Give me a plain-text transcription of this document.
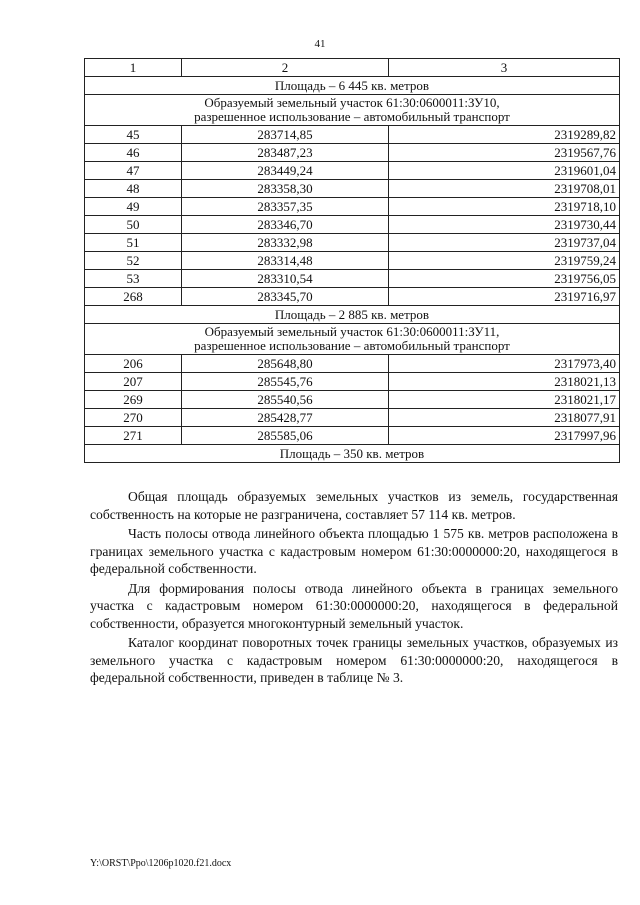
41
1	2	3
Площадь – 6 445 кв. метров		

Образуемый земельный участок 61:30:0600011:ЗУ10,
разрешенное использование – автомобильный транспорт		

45	283714,85	2319289,82
46	283487,23	2319567,76
47	283449,24	2319601,04
48	283358,30	2319708,01
49	283357,35	2319718,10
50	283346,70	2319730,44
51	283332,98	2319737,04
52	283314,48	2319759,24
53	283310,54	2319756,05
268	283345,70	2319716,97
Площадь – 2 885 кв. метров		

Образуемый земельный участок 61:30:0600011:ЗУ11,
разрешенное использование – автомобильный транспорт		

206	285648,80	2317973,40
207	285545,76	2318021,13
269	285540,56	2318021,17
270	285428,77	2318077,91
271	285585,06	2317997,96
Площадь – 350 кв. метров		

Общая площадь образуемых земельных участков из земель, государственная собственность на которые не разграничена, составляет 57 114 кв. метров.

Часть полосы отвода линейного объекта площадью 1 575 кв. метров расположена в границах земельного участка с кадастровым номером 61:30:0000000:20, находящегося в федеральной собственности.

Для формирования полосы отвода линейного объекта в границах земельного участка с кадастровым номером 61:30:0000000:20, находящегося в федеральной собственности, образуется многоконтурный земельный участок.

Каталог координат поворотных точек границы земельных участков, образуемых из земельного участка с кадастровым номером 61:30:0000000:20, находящегося в федеральной собственности, приведен в таблице № 3.

Y:\ORST\Ppo\1206p1020.f21.docx
